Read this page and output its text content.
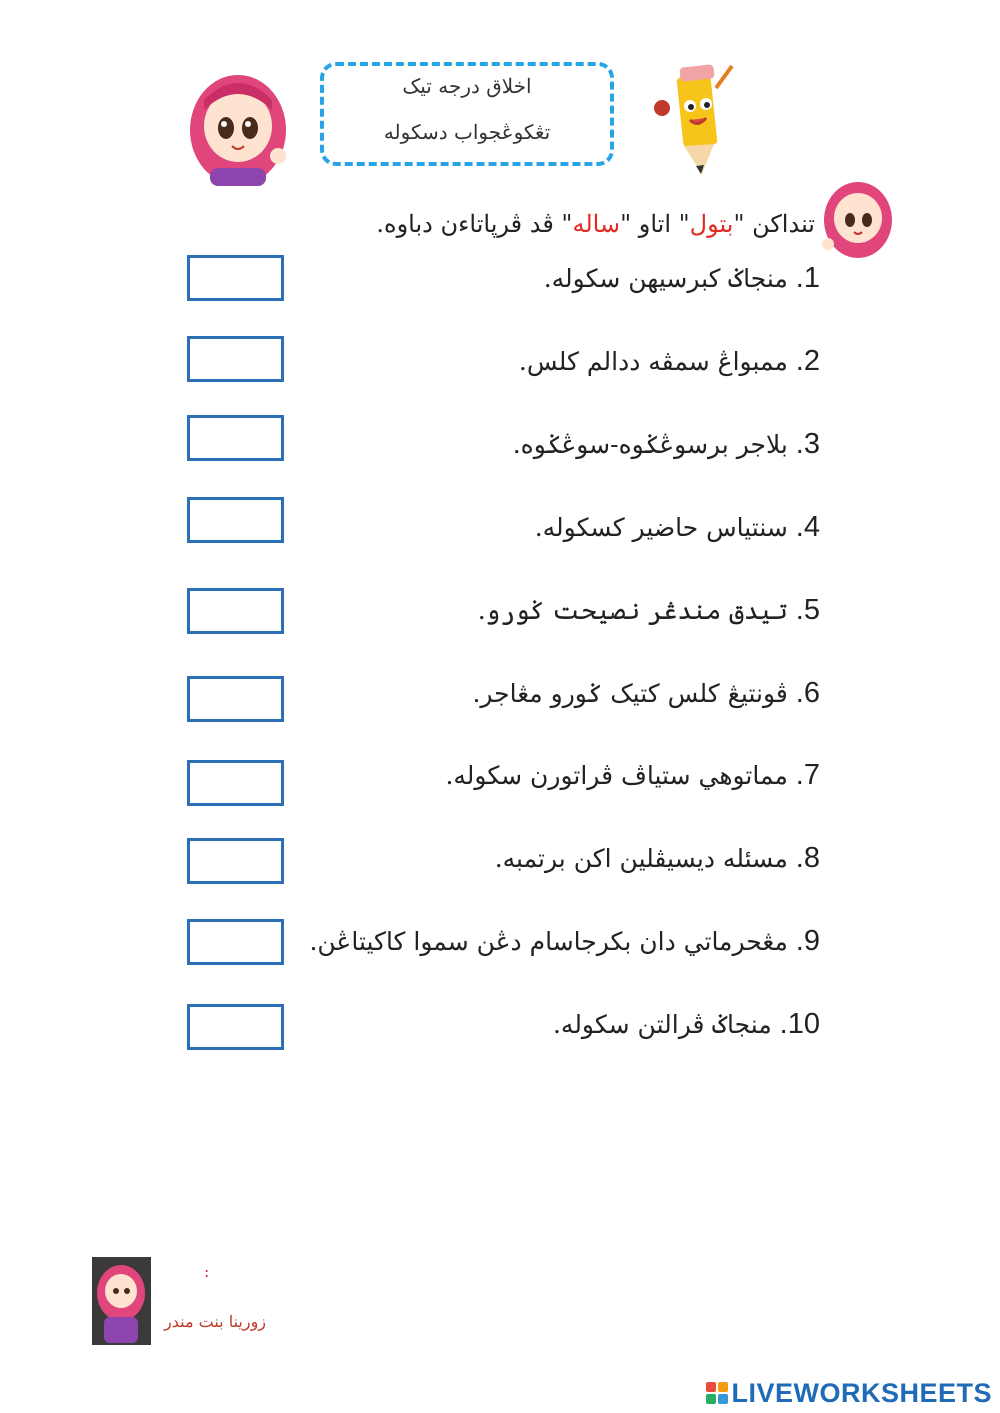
اخلاق درجه تيک
تڠکوڠجواب دسکوله
تنداکن "بتول" اتاو "ساله" ڤد ڤرڽاتاءن دباوه.
1. منجاݢ کبرسيهن سکوله.
2. ممبواڠ سمڤه ددالم کلس.
3. بلاجر برسوڠݢوه-سوڠݢوه.
4. سنتياس حاضير کسکوله.
5. تيدق مندڠر نصيحت ݢورو.
6. ڤونتيڠ کلس کتيک ݢورو مڠاجر.
7. مماتوهي ستياڤ ڤراتورن سکوله.
8. مسئله ديسيڤلين اکن برتمبه.
9. مڠحرماتي دان بکرجاسام دڠن سموا کاکيتاڠن.
10. منجاݢ ڤرالتن سکوله.
:
زورينا بنت مندر
LIVEWORKSHEETS
